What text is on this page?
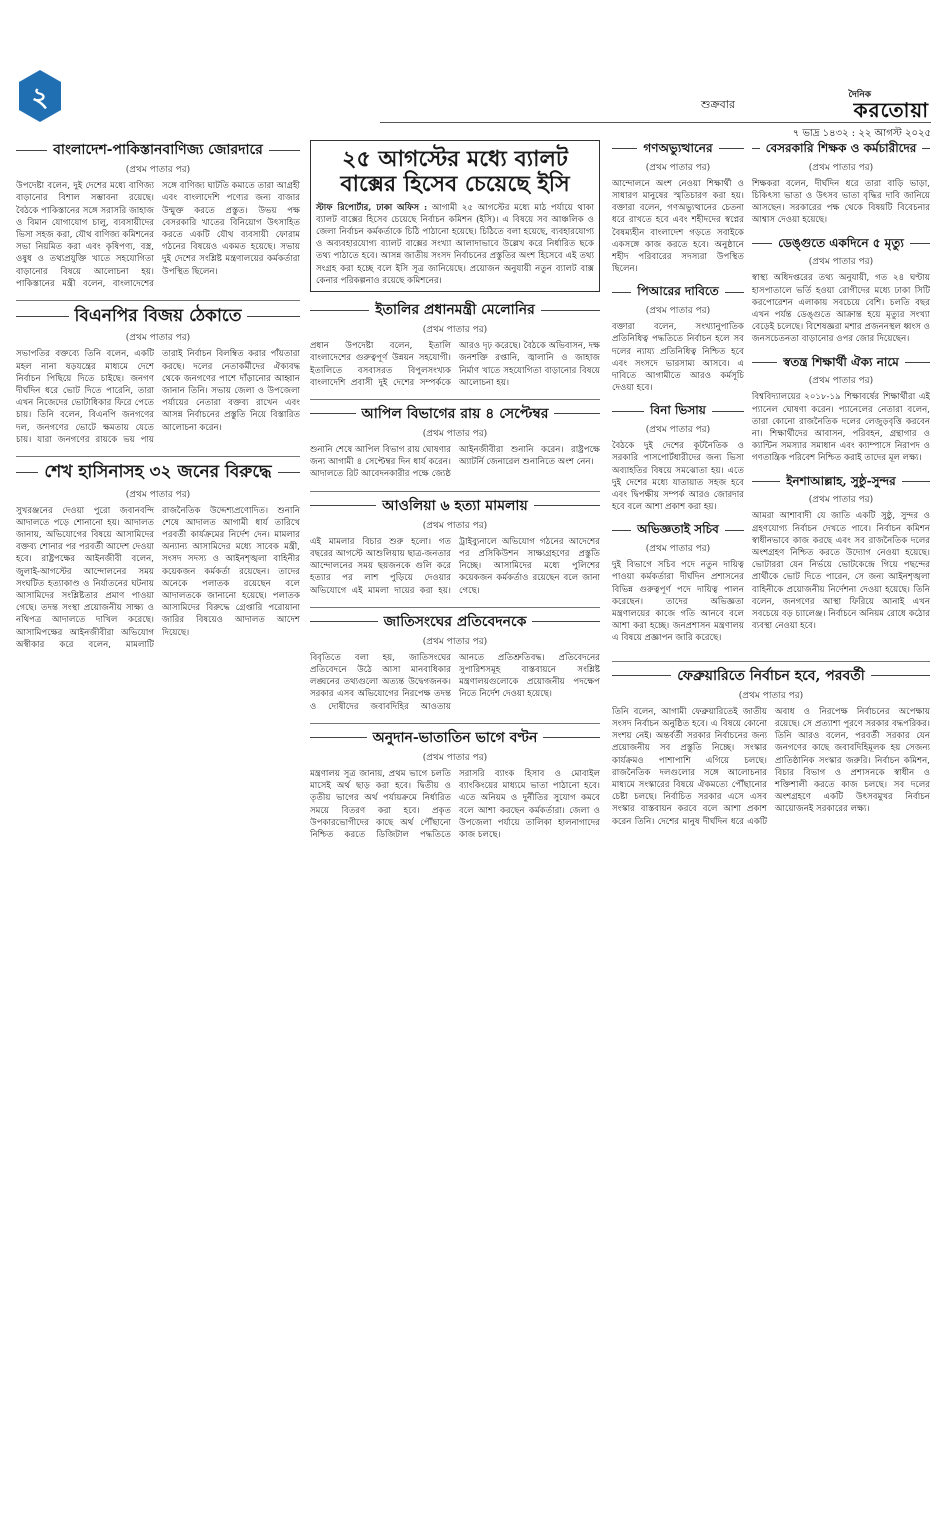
২	শুক্রবার
দৈনিক
করতোয়া
৭ ভাদ্র ১৪৩২ : ২২ আগস্ট ২০২৫
বাংলাদেশ-পাকিস্তানবাণিজ্য জোরদারে
(প্রথম পাতার পর)
উপদেষ্টা বলেন, দুই দেশের মধ্যে বাণিজ্য বাড়ানোর বিশাল সম্ভাবনা রয়েছে। বৈঠকে পাকিস্তানের সঙ্গে সরাসরি জাহাজ ও বিমান যোগাযোগ চালু, ব্যবসায়ীদের ভিসা সহজ করা, যৌথ বাণিজ্য কমিশনের সভা নিয়মিত করা এবং কৃষিপণ্য, বস্ত্র, ওষুধ ও তথ্যপ্রযুক্তি খাতে সহযোগিতা বাড়ানোর বিষয়ে আলোচনা হয়। পাকিস্তানের মন্ত্রী বলেন, বাংলাদেশের সঙ্গে বাণিজ্য ঘাটতি কমাতে তারা আগ্রহী এবং বাংলাদেশি পণ্যের জন্য বাজার উন্মুক্ত করতে প্রস্তুত। উভয় পক্ষ বেসরকারি খাতের বিনিয়োগ উৎসাহিত করতে একটি যৌথ ব্যবসায়ী ফোরাম গঠনের বিষয়েও একমত হয়েছে। সভায় দুই দেশের সংশ্লিষ্ট মন্ত্রণালয়ের কর্মকর্তারা উপস্থিত ছিলেন।
বিএনপির বিজয় ঠেকাতে
(প্রথম পাতার পর)
সভাপতির বক্তব্যে তিনি বলেন, একটি মহল নানা ষড়যন্ত্রের মাধ্যমে দেশে নির্বাচন পিছিয়ে দিতে চাইছে। জনগণ দীর্ঘদিন ধরে ভোট দিতে পারেনি, তারা এখন নিজেদের ভোটাধিকার ফিরে পেতে চায়। তিনি বলেন, বিএনপি জনগণের দল, জনগণের ভোটে ক্ষমতায় যেতে চায়। যারা জনগণের রায়কে ভয় পায় তারাই নির্বাচন বিলম্বিত করার পাঁয়তারা করছে। দলের নেতাকর্মীদের ঐক্যবদ্ধ থেকে জনগণের পাশে দাঁড়ানোর আহ্বান জানান তিনি। সভায় জেলা ও উপজেলা পর্যায়ের নেতারা বক্তব্য রাখেন এবং আসন্ন নির্বাচনের প্রস্তুতি নিয়ে বিস্তারিত আলোচনা করেন।
শেখ হাসিনাসহ ৩২ জনের বিরুদ্ধে
(প্রথম পাতার পর)
সুখরঞ্জনের দেওয়া পুরো জবানবন্দি আদালতে পড়ে শোনানো হয়। আদালত জানায়, অভিযোগের বিষয়ে আসামিদের বক্তব্য শোনার পর পরবর্তী আদেশ দেওয়া হবে। রাষ্ট্রপক্ষের আইনজীবী বলেন, জুলাই-আগস্টের আন্দোলনের সময় সংঘটিত হত্যাকাণ্ড ও নির্যাতনের ঘটনায় আসামিদের সংশ্লিষ্টতার প্রমাণ পাওয়া গেছে। তদন্ত সংস্থা প্রয়োজনীয় সাক্ষ্য ও নথিপত্র আদালতে দাখিল করেছে। আসামিপক্ষের আইনজীবীরা অভিযোগ অস্বীকার করে বলেন, মামলাটি রাজনৈতিক উদ্দেশ্যপ্রণোদিত। শুনানি শেষে আদালত আগামী ধার্য তারিখে পরবর্তী কার্যক্রমের নির্দেশ দেন। মামলার অন্যান্য আসামিদের মধ্যে সাবেক মন্ত্রী, সংসদ সদস্য ও আইনশৃঙ্খলা বাহিনীর কয়েকজন কর্মকর্তা রয়েছেন। তাদের অনেকে পলাতক রয়েছেন বলে আদালতকে জানানো হয়েছে। পলাতক আসামিদের বিরুদ্ধে গ্রেপ্তারি পরোয়ানা জারির বিষয়েও আদালত আদেশ দিয়েছে।
২৫ আগস্টের মধ্যে ব্যালট বাক্সের হিসেব চেয়েছে ইসি
স্টাফ রিপোর্টার, ঢাকা অফিস : আগামী ২৫ আগস্টের মধ্যে মাঠ পর্যায়ে থাকা ব্যালট বাক্সের হিসেব চেয়েছে নির্বাচন কমিশন (ইসি)। এ বিষয়ে সব আঞ্চলিক ও জেলা নির্বাচন কর্মকর্তাকে চিঠি পাঠানো হয়েছে। চিঠিতে বলা হয়েছে, ব্যবহারযোগ্য ও অব্যবহারযোগ্য ব্যালট বাক্সের সংখ্যা আলাদাভাবে উল্লেখ করে নির্ধারিত ছকে তথ্য পাঠাতে হবে। আসন্ন জাতীয় সংসদ নির্বাচনের প্রস্তুতির অংশ হিসেবে এই তথ্য সংগ্রহ করা হচ্ছে বলে ইসি সূত্র জানিয়েছে। প্রয়োজন অনুযায়ী নতুন ব্যালট বাক্স কেনার পরিকল্পনাও রয়েছে কমিশনের।
ইতালির প্রধানমন্ত্রী মেলোনির
(প্রথম পাতার পর)
প্রধান উপদেষ্টা বলেন, ইতালি বাংলাদেশের গুরুত্বপূর্ণ উন্নয়ন সহযোগী। ইতালিতে বসবাসরত বিপুলসংখ্যক বাংলাদেশি প্রবাসী দুই দেশের সম্পর্ককে আরও দৃঢ় করেছে। বৈঠকে অভিবাসন, দক্ষ জনশক্তি রপ্তানি, জ্বালানি ও জাহাজ নির্মাণ খাতে সহযোগিতা বাড়ানোর বিষয়ে আলোচনা হয়।
আপিল বিভাগের রায় ৪ সেপ্টেম্বর
(প্রথম পাতার পর)
শুনানি শেষে আপিল বিভাগ রায় ঘোষণার জন্য আগামী ৪ সেপ্টেম্বর দিন ধার্য করেন। আদালতে রিট আবেদনকারীর পক্ষে জ্যেষ্ঠ আইনজীবীরা শুনানি করেন। রাষ্ট্রপক্ষে অ্যাটর্নি জেনারেল শুনানিতে অংশ নেন।
আওলিয়া ৬ হত্যা মামলায়
(প্রথম পাতার পর)
এই মামলার বিচার শুরু হলো। গত বছরের আগস্টে আশুলিয়ায় ছাত্র-জনতার আন্দোলনের সময় ছয়জনকে গুলি করে হত্যার পর লাশ পুড়িয়ে দেওয়ার অভিযোগে এই মামলা দায়ের করা হয়। ট্রাইব্যুনালে অভিযোগ গঠনের আদেশের পর প্রসিকিউশন সাক্ষ্যগ্রহণের প্রস্তুতি নিচ্ছে। আসামিদের মধ্যে পুলিশের কয়েকজন কর্মকর্তাও রয়েছেন বলে জানা গেছে।
জাতিসংঘের প্রতিবেদনকে
(প্রথম পাতার পর)
বিবৃতিতে বলা হয়, জাতিসংঘের প্রতিবেদনে উঠে আসা মানবাধিকার লঙ্ঘনের তথ্যগুলো অত্যন্ত উদ্বেগজনক। সরকার এসব অভিযোগের নিরপেক্ষ তদন্ত ও দোষীদের জবাবদিহির আওতায় আনতে প্রতিশ্রুতিবদ্ধ। প্রতিবেদনের সুপারিশসমূহ বাস্তবায়নে সংশ্লিষ্ট মন্ত্রণালয়গুলোকে প্রয়োজনীয় পদক্ষেপ নিতে নির্দেশ দেওয়া হয়েছে।
অনুদান-ভাতাতিন ভাগে বণ্টন
(প্রথম পাতার পর)
মন্ত্রণালয় সূত্র জানায়, প্রথম ভাগে চলতি মাসেই অর্থ ছাড় করা হবে। দ্বিতীয় ও তৃতীয় ভাগের অর্থ পর্যায়ক্রমে নির্ধারিত সময়ে বিতরণ করা হবে। প্রকৃত উপকারভোগীদের কাছে অর্থ পৌঁছানো নিশ্চিত করতে ডিজিটাল পদ্ধতিতে সরাসরি ব্যাংক হিসাব ও মোবাইল ব্যাংকিংয়ের মাধ্যমে ভাতা পাঠানো হবে। এতে অনিয়ম ও দুর্নীতির সুযোগ কমবে বলে আশা করছেন কর্মকর্তারা। জেলা ও উপজেলা পর্যায়ে তালিকা হালনাগাদের কাজ চলছে।
গণঅভ্যুত্থানের
(প্রথম পাতার পর)
আন্দোলনে অংশ নেওয়া শিক্ষার্থী ও সাধারণ মানুষের স্মৃতিচারণ করা হয়। বক্তারা বলেন, গণঅভ্যুত্থানের চেতনা ধরে রাখতে হবে এবং শহীদদের স্বপ্নের বৈষম্যহীন বাংলাদেশ গড়তে সবাইকে একসঙ্গে কাজ করতে হবে। অনুষ্ঠানে শহীদ পরিবারের সদস্যরা উপস্থিত ছিলেন।
পিআরের দাবিতে
(প্রথম পাতার পর)
বক্তারা বলেন, সংখ্যানুপাতিক প্রতিনিধিত্ব পদ্ধতিতে নির্বাচন হলে সব দলের ন্যায্য প্রতিনিধিত্ব নিশ্চিত হবে এবং সংসদে ভারসাম্য আসবে। এ দাবিতে আগামীতে আরও কর্মসূচি দেওয়া হবে।
বিনা ভিসায়
(প্রথম পাতার পর)
বৈঠকে দুই দেশের কূটনৈতিক ও সরকারি পাসপোর্টধারীদের জন্য ভিসা অব্যাহতির বিষয়ে সমঝোতা হয়। এতে দুই দেশের মধ্যে যাতায়াত সহজ হবে এবং দ্বিপক্ষীয় সম্পর্ক আরও জোরদার হবে বলে আশা প্রকাশ করা হয়।
অভিজ্ঞতাই সচিব
(প্রথম পাতার পর)
দুই বিভাগে সচিব পদে নতুন দায়িত্ব পাওয়া কর্মকর্তারা দীর্ঘদিন প্রশাসনের বিভিন্ন গুরুত্বপূর্ণ পদে দায়িত্ব পালন করেছেন। তাদের অভিজ্ঞতা মন্ত্রণালয়ের কাজে গতি আনবে বলে আশা করা হচ্ছে। জনপ্রশাসন মন্ত্রণালয় এ বিষয়ে প্রজ্ঞাপন জারি করেছে।
বেসরকারি শিক্ষক ও কর্মচারীদের
(প্রথম পাতার পর)
শিক্ষকরা বলেন, দীর্ঘদিন ধরে তারা বাড়ি ভাড়া, চিকিৎসা ভাতা ও উৎসব ভাতা বৃদ্ধির দাবি জানিয়ে আসছেন। সরকারের পক্ষ থেকে বিষয়টি বিবেচনার আশ্বাস দেওয়া হয়েছে।
ডেঙ্গুতে একদিনে ৫ মৃত্যু
(প্রথম পাতার পর)
স্বাস্থ্য অধিদপ্তরের তথ্য অনুযায়ী, গত ২৪ ঘণ্টায় হাসপাতালে ভর্তি হওয়া রোগীদের মধ্যে ঢাকা সিটি করপোরেশন এলাকায় সবচেয়ে বেশি। চলতি বছর এখন পর্যন্ত ডেঙ্গুতে আক্রান্ত হয়ে মৃত্যুর সংখ্যা বেড়েই চলেছে। বিশেষজ্ঞরা মশার প্রজননস্থল ধ্বংস ও জনসচেতনতা বাড়ানোর ওপর জোর দিয়েছেন।
স্বতন্ত্র শিক্ষার্থী ঐক্য নামে
(প্রথম পাতার পর)
বিশ্ববিদ্যালয়ের ২০১৮-১৯ শিক্ষাবর্ষের শিক্ষার্থীরা এই প্যানেল ঘোষণা করেন। প্যানেলের নেতারা বলেন, তারা কোনো রাজনৈতিক দলের লেজুড়বৃত্তি করবেন না। শিক্ষার্থীদের আবাসন, পরিবহন, গ্রন্থাগার ও ক্যান্টিন সমস্যার সমাধান এবং ক্যাম্পাসে নিরাপদ ও গণতান্ত্রিক পরিবেশ নিশ্চিত করাই তাদের মূল লক্ষ্য।
ইনশাআল্লাহ, সুষ্ঠু-সুন্দর
(প্রথম পাতার পর)
আমরা আশাবাদী যে জাতি একটি সুষ্ঠু, সুন্দর ও গ্রহণযোগ্য নির্বাচন দেখতে পাবে। নির্বাচন কমিশন স্বাধীনভাবে কাজ করছে এবং সব রাজনৈতিক দলের অংশগ্রহণ নিশ্চিত করতে উদ্যোগ নেওয়া হয়েছে। ভোটাররা যেন নির্ভয়ে ভোটকেন্দ্রে গিয়ে পছন্দের প্রার্থীকে ভোট দিতে পারেন, সে জন্য আইনশৃঙ্খলা বাহিনীকে প্রয়োজনীয় নির্দেশনা দেওয়া হয়েছে। তিনি বলেন, জনগণের আস্থা ফিরিয়ে আনাই এখন সবচেয়ে বড় চ্যালেঞ্জ। নির্বাচনে অনিয়ম রোধে কঠোর ব্যবস্থা নেওয়া হবে।
ফেব্রুয়ারিতে নির্বাচন হবে, পরবর্তী
(প্রথম পাতার পর)
তিনি বলেন, আগামী ফেব্রুয়ারিতেই জাতীয় সংসদ নির্বাচন অনুষ্ঠিত হবে। এ বিষয়ে কোনো সংশয় নেই। অন্তর্বর্তী সরকার নির্বাচনের জন্য প্রয়োজনীয় সব প্রস্তুতি নিচ্ছে। সংস্কার কার্যক্রমও পাশাপাশি এগিয়ে চলছে। রাজনৈতিক দলগুলোর সঙ্গে আলোচনার মাধ্যমে সংস্কারের বিষয়ে ঐকমত্যে পৌঁছানোর চেষ্টা চলছে। নির্বাচিত সরকার এসে এসব সংস্কার বাস্তবায়ন করবে বলে আশা প্রকাশ করেন তিনি। দেশের মানুষ দীর্ঘদিন ধরে একটি অবাধ ও নিরপেক্ষ নির্বাচনের অপেক্ষায় রয়েছে। সে প্রত্যাশা পূরণে সরকার বদ্ধপরিকর। তিনি আরও বলেন, পরবর্তী সরকার যেন জনগণের কাছে জবাবদিহিমূলক হয় সেজন্য প্রাতিষ্ঠানিক সংস্কার জরুরি। নির্বাচন কমিশন, বিচার বিভাগ ও প্রশাসনকে স্বাধীন ও শক্তিশালী করতে কাজ চলছে। সব দলের অংশগ্রহণে একটি উৎসবমুখর নির্বাচন আয়োজনই সরকারের লক্ষ্য।
